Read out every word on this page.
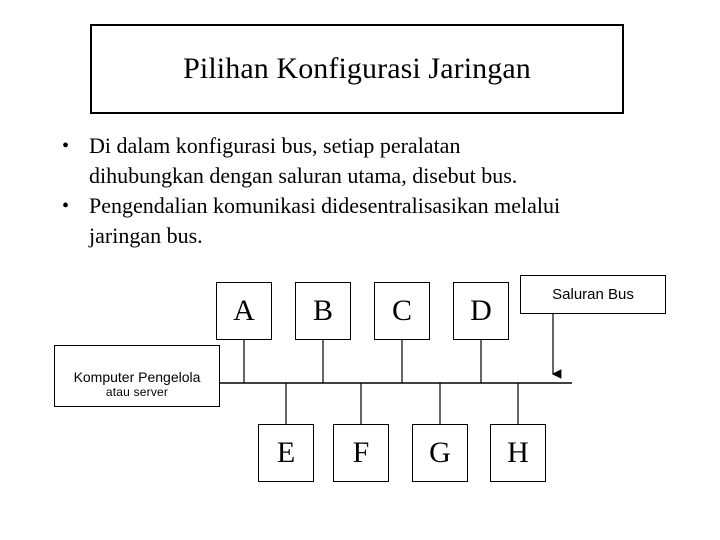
Pilihan Konfigurasi Jaringan
• Di dalam konfigurasi bus, setiap peralatan
dihubungkan dengan saluran utama, disebut bus.
• Pengendalian komunikasi didesentralisasikan melalui
jaringan bus.
A B C D
E F G H
Komputer Pengelola
atau server
Saluran Bus
